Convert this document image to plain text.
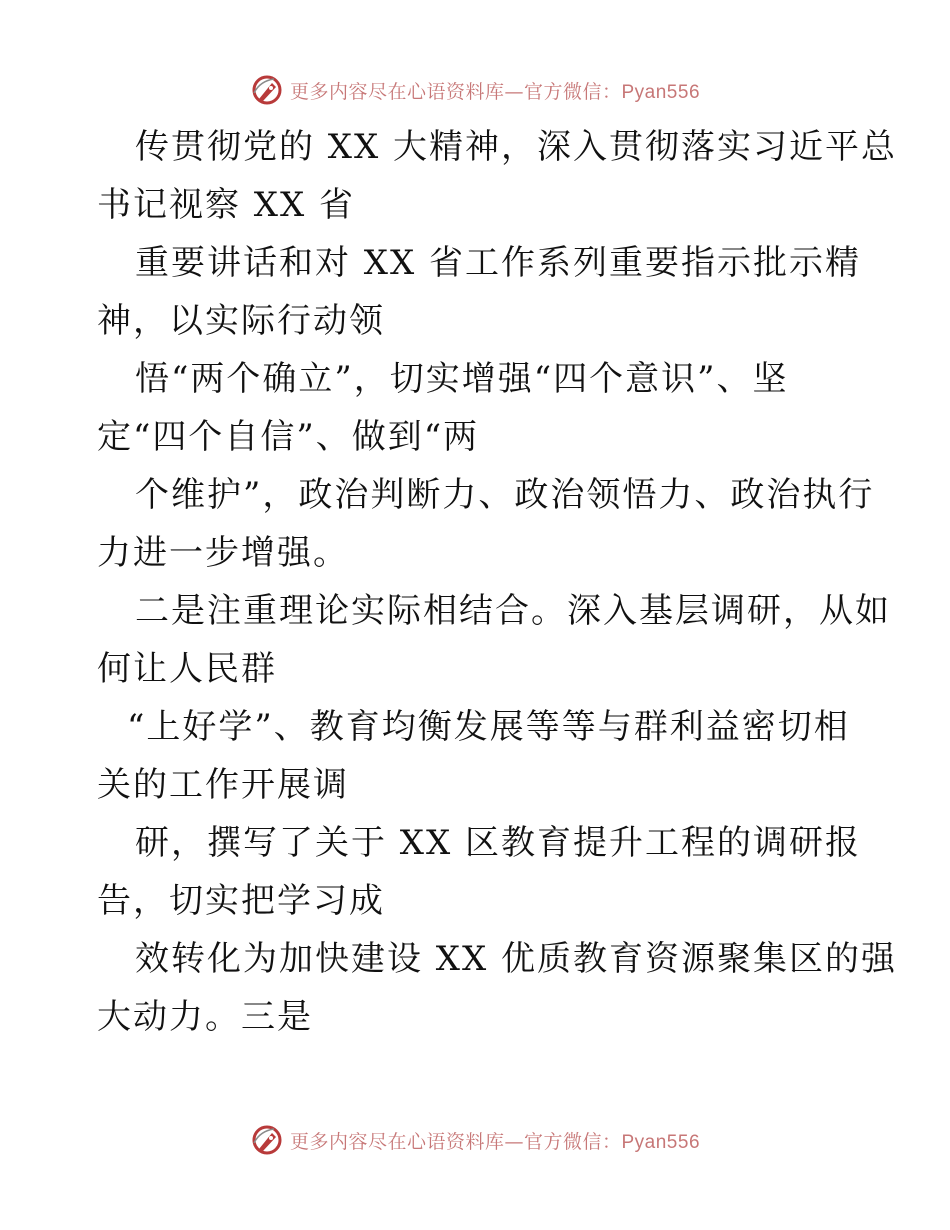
更多内容尽在心语资料库—官方微信：Pyan556
传贯彻党的 XX 大精神，深入贯彻落实习近平总
书记视察 XX 省
重要讲话和对 XX 省工作系列重要指示批示精
神，以实际行动领
悟“两个确立”，切实增强“四个意识”、坚
定“四个自信”、做到“两
个维护”，政治判断力、政治领悟力、政治执行
力进一步增强。
二是注重理论实际相结合。深入基层调研，从如
何让人民群
“上好学”、教育均衡发展等等与群利益密切相
关的工作开展调
研，撰写了关于 XX 区教育提升工程的调研报
告，切实把学习成
效转化为加快建设 XX 优质教育资源聚集区的强
大动力。三是
更多内容尽在心语资料库—官方微信：Pyan556
